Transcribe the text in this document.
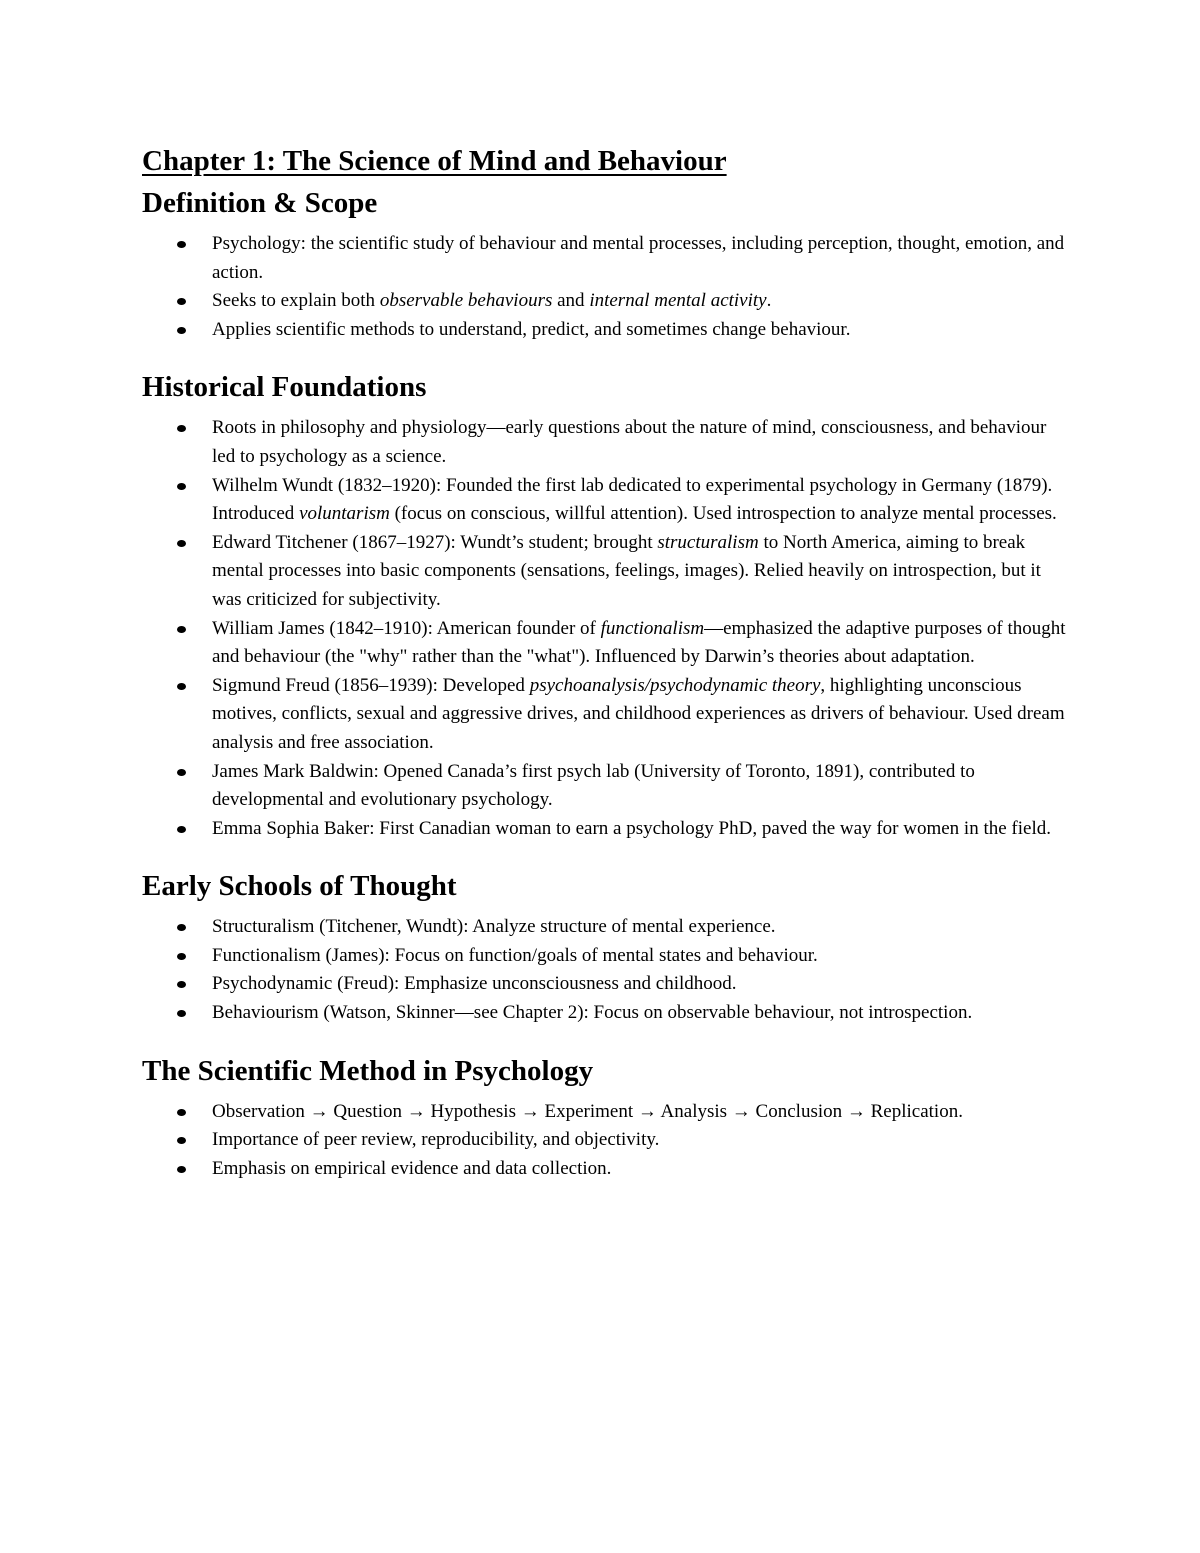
Chapter 1: The Science of Mind and Behaviour
Definition & Scope
Psychology: the scientific study of behaviour and mental processes, including perception, thought, emotion, and action.
Seeks to explain both observable behaviours and internal mental activity.
Applies scientific methods to understand, predict, and sometimes change behaviour.
Historical Foundations
Roots in philosophy and physiology—early questions about the nature of mind, consciousness, and behaviour led to psychology as a science.
Wilhelm Wundt (1832–1920): Founded the first lab dedicated to experimental psychology in Germany (1879). Introduced voluntarism (focus on conscious, willful attention). Used introspection to analyze mental processes.
Edward Titchener (1867–1927): Wundt’s student; brought structuralism to North America, aiming to break mental processes into basic components (sensations, feelings, images). Relied heavily on introspection, but it was criticized for subjectivity.
William James (1842–1910): American founder of functionalism—emphasized the adaptive purposes of thought and behaviour (the "why" rather than the "what"). Influenced by Darwin’s theories about adaptation.
Sigmund Freud (1856–1939): Developed psychoanalysis/psychodynamic theory, highlighting unconscious motives, conflicts, sexual and aggressive drives, and childhood experiences as drivers of behaviour. Used dream analysis and free association.
James Mark Baldwin: Opened Canada’s first psych lab (University of Toronto, 1891), contributed to developmental and evolutionary psychology.
Emma Sophia Baker: First Canadian woman to earn a psychology PhD, paved the way for women in the field.
Early Schools of Thought
Structuralism (Titchener, Wundt): Analyze structure of mental experience.
Functionalism (James): Focus on function/goals of mental states and behaviour.
Psychodynamic (Freud): Emphasize unconsciousness and childhood.
Behaviourism (Watson, Skinner—see Chapter 2): Focus on observable behaviour, not introspection.
The Scientific Method in Psychology
Observation → Question → Hypothesis → Experiment → Analysis → Conclusion → Replication.
Importance of peer review, reproducibility, and objectivity.
Emphasis on empirical evidence and data collection.
